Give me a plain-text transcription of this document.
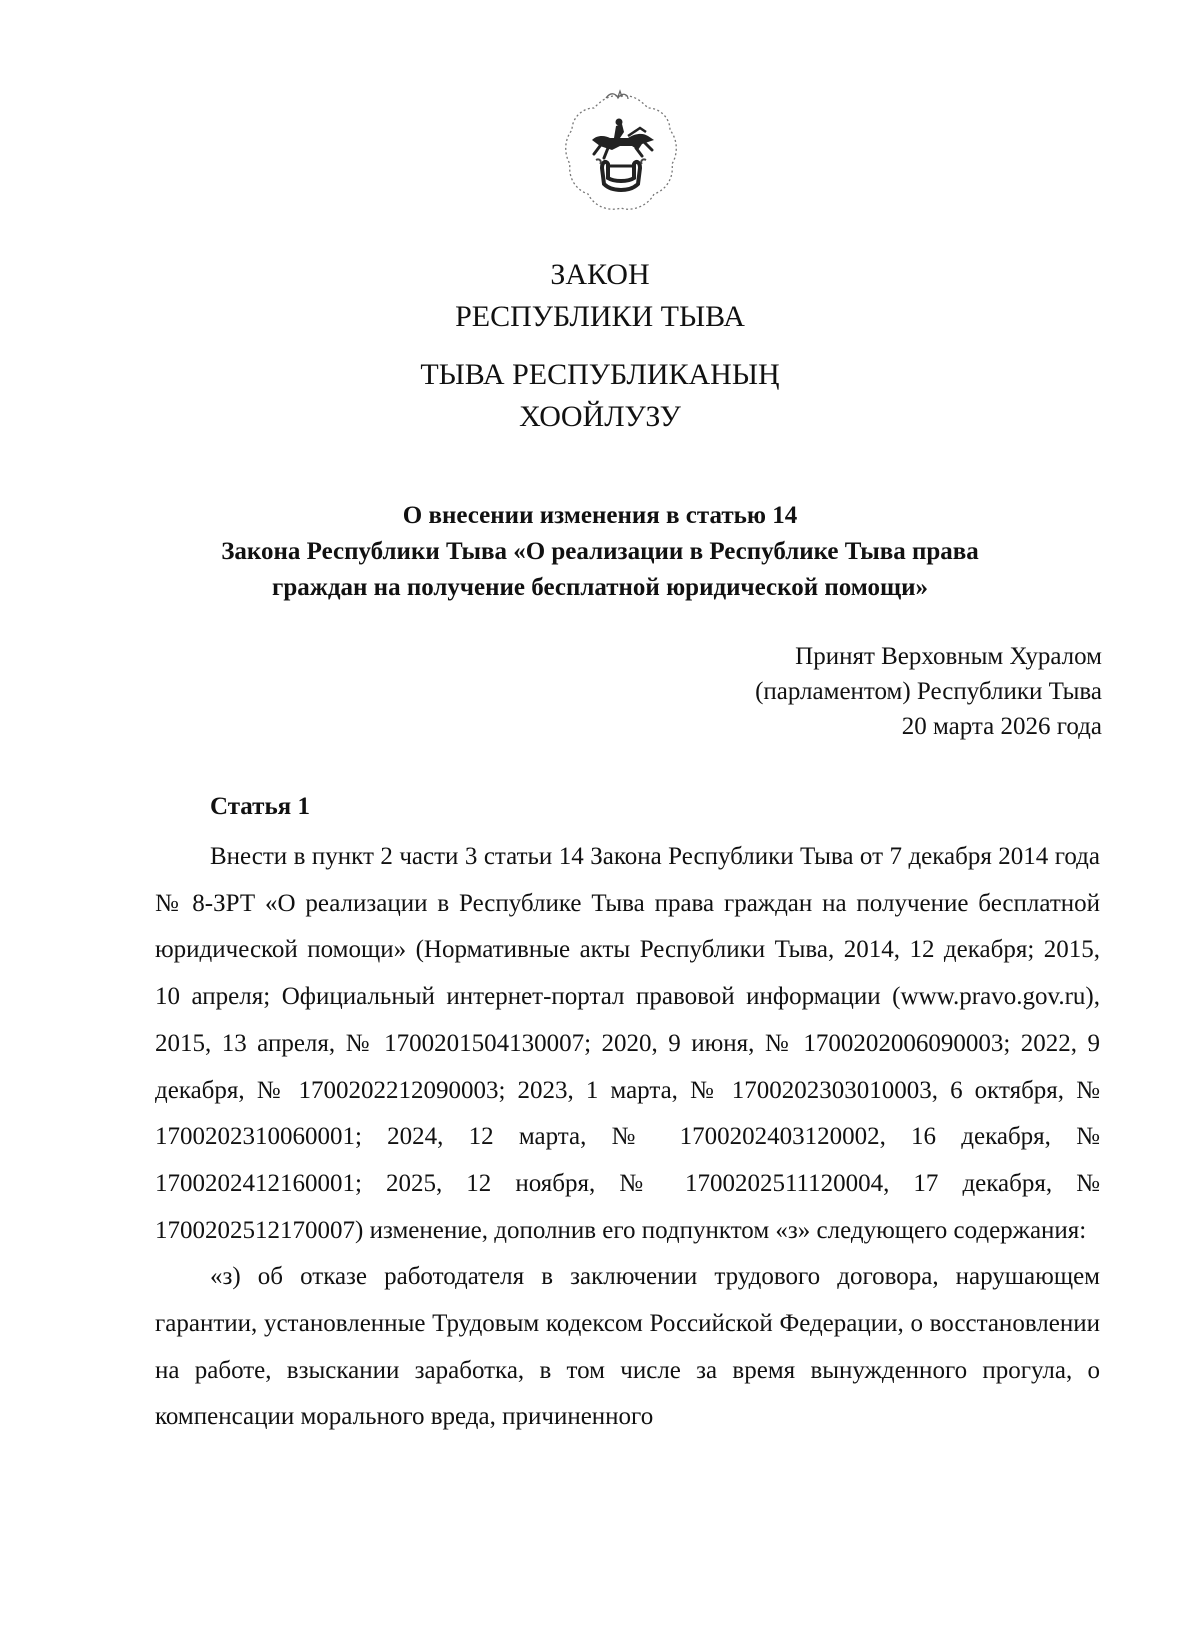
ЗАКОН
РЕСПУБЛИКИ ТЫВА
ТЫВА РЕСПУБЛИКАНЫҢ
ХООЙЛУЗУ
О внесении изменения в статью 14
Закона Республики Тыва «О реализации в Республике Тыва права
граждан на получение бесплатной юридической помощи»
Принят Верховным Хуралом
(парламентом) Республики Тыва
20 марта 2026 года
Статья 1

Внести в пункт 2 части 3 статьи 14 Закона Республики Тыва от 7 декабря 2014 года № 8-ЗРТ «О реализации в Республике Тыва права граждан на получение бесплатной юридической помощи» (Нормативные акты Республики Тыва, 2014, 12 декабря; 2015, 10 апреля; Официальный интернет-портал правовой информации (www.pravo.gov.ru), 2015, 13 апреля, № 1700201504130007; 2020, 9 июня, № 1700202006090003; 2022, 9 декабря, № 1700202212090003; 2023, 1 марта, № 1700202303010003, 6 октября, № 1700202310060001; 2024, 12 марта, № 1700202403120002, 16 декабря, № 1700202412160001; 2025, 12 ноября, № 1700202511120004, 17 декабря, № 1700202512170007) изменение, дополнив его подпунктом «з» следующего содержания:

«з) об отказе работодателя в заключении трудового договора, нарушающем гарантии, установленные Трудовым кодексом Российской Федерации, о восстановлении на работе, взыскании заработка, в том числе за время вынужденного прогула, о компенсации морального вреда, причиненного
